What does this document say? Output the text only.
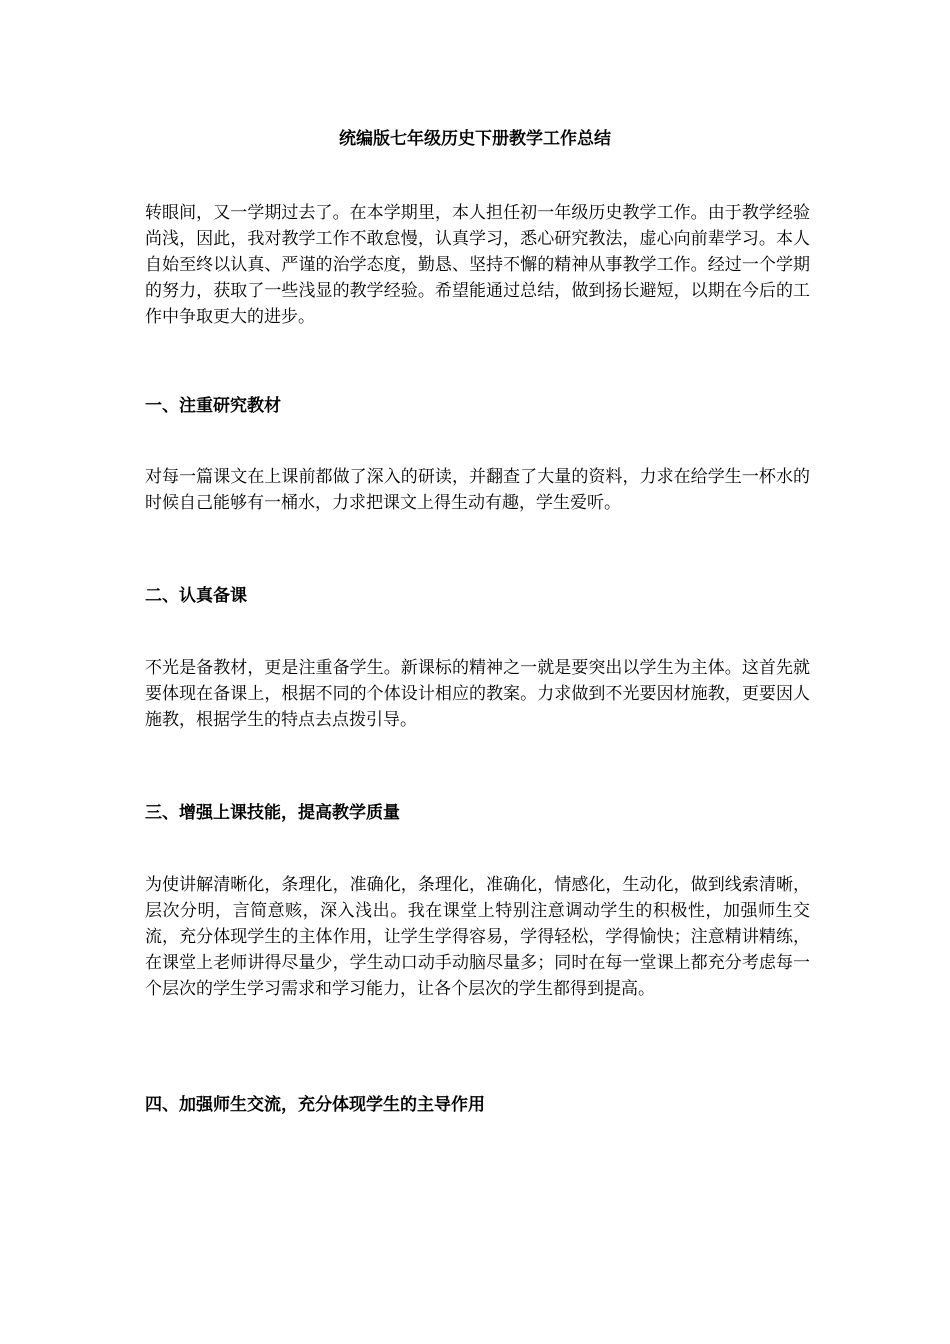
统编版七年级历史下册教学工作总结

转眼间，又一学期过去了。在本学期里，本人担任初一年级历史教学工作。由于教学经验尚浅，因此，我对教学工作不敢怠慢，认真学习，悉心研究教法，虚心向前辈学习。本人自始至终以认真、严谨的治学态度，勤恳、坚持不懈的精神从事教学工作。经过一个学期的努力，获取了一些浅显的教学经验。希望能通过总结，做到扬长避短，以期在今后的工作中争取更大的进步。

一、注重研究教材

对每一篇课文在上课前都做了深入的研读，并翻查了大量的资料，力求在给学生一杯水的时候自己能够有一桶水，力求把课文上得生动有趣，学生爱听。

二、认真备课

不光是备教材，更是注重备学生。新课标的精神之一就是要突出以学生为主体。这首先就要体现在备课上，根据不同的个体设计相应的教案。力求做到不光要因材施教，更要因人施教，根据学生的特点去点拨引导。

三、增强上课技能，提高教学质量

为使讲解清晰化，条理化，准确化，条理化，准确化，情感化，生动化，做到线索清晰，层次分明，言简意赅，深入浅出。我在课堂上特别注意调动学生的积极性，加强师生交流，充分体现学生的主体作用，让学生学得容易，学得轻松，学得愉快；注意精讲精练，在课堂上老师讲得尽量少，学生动口动手动脑尽量多；同时在每一堂课上都充分考虑每一个层次的学生学习需求和学习能力，让各个层次的学生都得到提高。

四、加强师生交流，充分体现学生的主导作用
